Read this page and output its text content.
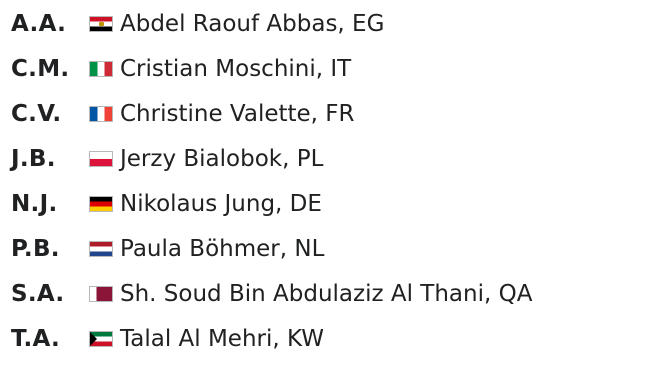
A.A.	Abdel Raouf Abbas, EG
C.M.	Cristian Moschini, IT
C.V.	Christine Valette, FR
J.B.	Jerzy Bialobok, PL
N.J.	Nikolaus Jung, DE
P.B.	Paula Böhmer, NL
S.A.	Sh. Soud Bin Abdulaziz Al Thani, QA
T.A.	Talal Al Mehri, KW
